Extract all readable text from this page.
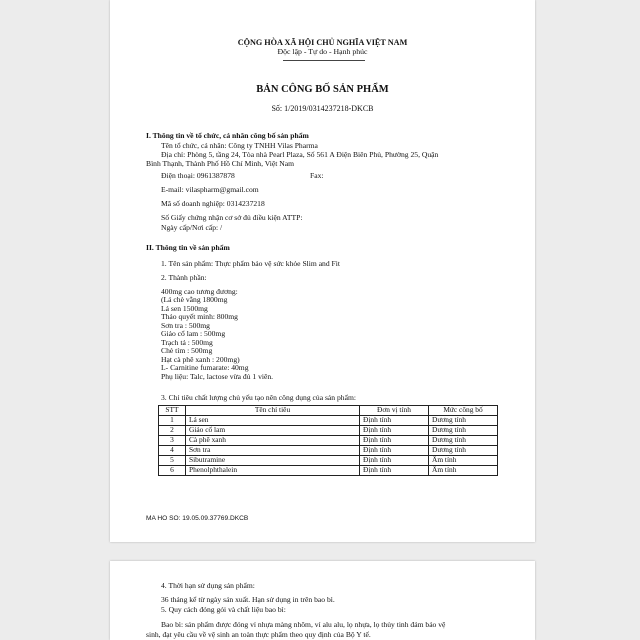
CỘNG HÒA XÃ HỘI CHỦ NGHĨA VIỆT NAM
Độc lập - Tự do - Hạnh phúc
BẢN CÔNG BỐ SẢN PHẨM
Số: 1/2019/0314237218-DKCB
I. Thông tin về tổ chức, cá nhân công bố sản phẩm
Tên tổ chức, cá nhân: Công ty TNHH Vilas Pharma
Địa chỉ: Phòng 5, tầng 24, Tòa nhà Pearl Plaza, Số 561 A Điện Biên Phủ, Phường 25, Quận
Bình Thạnh, Thành Phố Hồ Chí Minh, Việt Nam
Điện thoại: 0961387878	Fax:
E-mail: vilaspharm@gmail.com
Mã số doanh nghiệp: 0314237218
Số Giấy chứng nhận cơ sở đủ điều kiện ATTP:
Ngày cấp/Nơi cấp: /
II. Thông tin về sản phẩm
1. Tên sản phẩm: Thực phẩm bảo vệ sức khỏe Slim and Fit
2. Thành phần:
400mg cao tương đương:
(Lá chè vằng 1800mg
Lá sen 1500mg
Thảo quyết minh: 800mg
Sơn tra : 500mg
Giảo cổ lam : 500mg
Trạch tả : 500mg
Chè tím : 500mg
Hạt cà phê xanh : 200mg)
L- Carnitine fumarate: 40mg
Phụ liệu: Talc, lactose vừa đủ 1 viên.
3. Chỉ tiêu chất lượng chủ yếu tạo nên công dụng của sản phẩm:
STT	Tên chỉ tiêu	Đơn vị tính	Mức công bố
1	Lá sen	Định tính	Dương tính
2	Giảo cổ lam	Định tính	Dương tính
3	Cà phê xanh	Định tính	Dương tính
4	Sơn tra	Định tính	Dương tính
5	Sibutramine	Định tính	Âm tính
6	Phenolphthalein	Định tính	Âm tính
MA HO SO: 19.05.09.37769.DKCB
4. Thời hạn sử dụng sản phẩm:
36 tháng kể từ ngày sản xuất. Hạn sử dụng in trên bao bì.
5. Quy cách đóng gói và chất liệu bao bì:
Bao bì: sản phẩm được đóng vỉ nhựa màng nhôm, vỉ alu alu, lọ nhựa, lọ thủy tinh đảm bảo vệ
sinh, đạt yêu cầu về vệ sinh an toàn thực phẩm theo quy định của Bộ Y tế.
